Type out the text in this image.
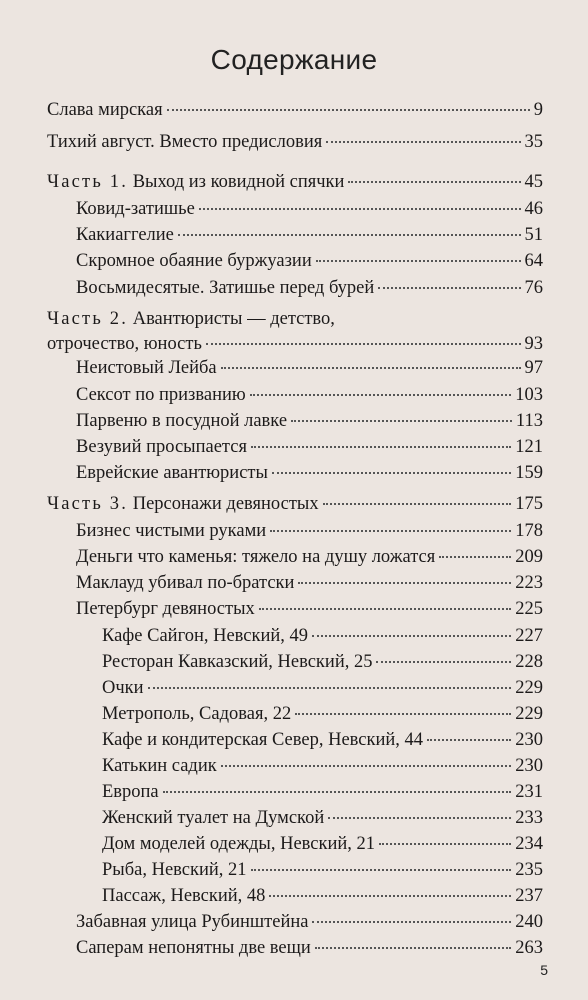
Содержание
Слава мирская	9
Тихий август. Вместо предисловия	35
Часть 1. Выход из ковидной спячки	45
Ковид-затишье	46
Какиаггелие	51
Скромное обаяние буржуазии	64
Восьмидесятые. Затишье перед бурей	76
Часть 2. Авантюристы — детство,
отрочество, юность	93
Неистовый Лейба	97
Сексот по призванию	103
Парвеню в посудной лавке	113
Везувий просыпается	121
Еврейские авантюристы	159
Часть 3. Персонажи девяностых	175
Бизнес чистыми руками	178
Деньги что каменья: тяжело на душу ложатся	209
Маклауд убивал по-братски	223
Петербург девяностых	225
Кафе Сайгон, Невский, 49	227
Ресторан Кавказский, Невский, 25	228
Очки	229
Метрополь, Садовая, 22	229
Кафе и кондитерская Север, Невский, 44	230
Катькин садик	230
Европа	231
Женский туалет на Думской	233
Дом моделей одежды, Невский, 21	234
Рыба, Невский, 21	235
Пассаж, Невский, 48	237
Забавная улица Рубинштейна	240
Саперам непонятны две вещи	263
5
